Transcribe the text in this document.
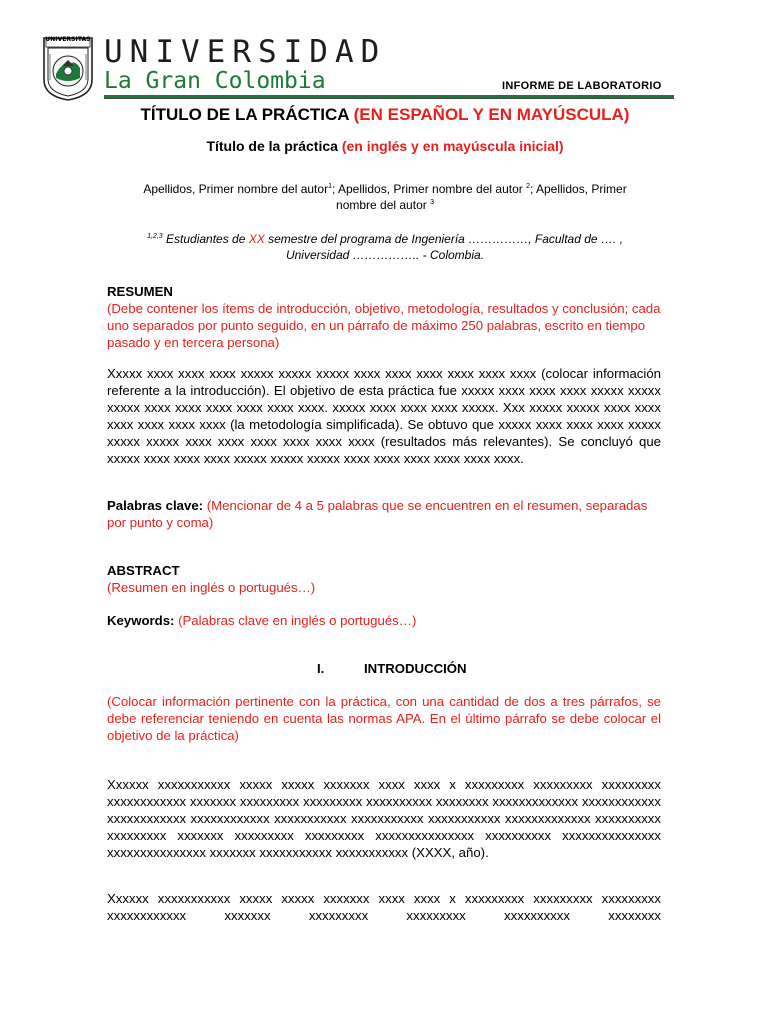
UNIVERSITAS UNIVERSIDAD
La Gran Colombia	INFORME DE LABORATORIO
TÍTULO DE LA PRÁCTICA (EN ESPAÑOL Y EN MAYÚSCULA)
Título de la práctica (en inglés y en mayúscula inicial)
Apellidos, Primer nombre del autor$^1$; Apellidos, Primer nombre del autor $^2$; Apellidos, Primer
nombre del autor $^3$
$^{1,2,3}$ Estudiantes de XX semestre del programa de Ingeniería ……………, Facultad de …. ,
Universidad …………….. - Colombia.
RESUMEN
(Debe contener los ítems de introducción, objetivo, metodología, resultados y conclusión; cada uno separados por punto seguido, en un párrafo de máximo 250 palabras, escrito en tiempo pasado y en tercera persona)
Xxxxx xxxx xxxx xxxx xxxxx xxxxx xxxxx xxxx xxxx xxxx xxxx xxxx xxxx (colocar información referente a la introducción). El objetivo de esta práctica fue xxxxx xxxx xxxx xxxx xxxxx xxxxx xxxxx xxxx xxxx xxxx xxxx xxxx xxxx. xxxxx xxxx xxxx xxxx xxxxx. Xxx xxxxx xxxxx xxxx xxxx xxxx xxxx xxxx xxxx (la metodología simplificada). Se obtuvo que xxxxx xxxx xxxx xxxx xxxxx xxxxx xxxxx xxxx xxxx xxxx xxxx xxxx xxxx (resultados más relevantes). Se concluyó que xxxxx xxxx xxxx xxxx xxxxx xxxxx xxxxx xxxx xxxx xxxx xxxx xxxx xxxx.
Palabras clave: (Mencionar de 4 a 5 palabras que se encuentren en el resumen, separadas por punto y coma)
ABSTRACT
(Resumen en inglés o portugués…)
Keywords: (Palabras clave en inglés o portugués…)
I.	INTRODUCCIÓN
(Colocar información pertinente con la práctica, con una cantidad de dos a tres párrafos, se debe referenciar teniendo en cuenta las normas APA. En el último párrafo se debe colocar el objetivo de la práctica)
Xxxxxx xxxxxxxxxxx xxxxx xxxxx xxxxxxx xxxx xxxx x xxxxxxxxx xxxxxxxxx xxxxxxxxx xxxxxxxxxxxx xxxxxxx xxxxxxxxx xxxxxxxxx xxxxxxxxxx xxxxxxxx xxxxxxxxxxxxx xxxxxxxxxxxx xxxxxxxxxxxx xxxxxxxxxxxx xxxxxxxxxxx xxxxxxxxxxx xxxxxxxxxxx xxxxxxxxxxxxx xxxxxxxxxx xxxxxxxxx xxxxxxx xxxxxxxxx xxxxxxxxx xxxxxxxxxxxxxxx xxxxxxxxxx xxxxxxxxxxxxxxx xxxxxxxxxxxxxxx xxxxxxx xxxxxxxxxxx xxxxxxxxxxx (XXXX, año).
Xxxxxx xxxxxxxxxxx xxxxx xxxxx xxxxxxx xxxx xxxx x xxxxxxxxx xxxxxxxxx xxxxxxxxx xxxxxxxxxxxx xxxxxxx xxxxxxxxx xxxxxxxxx xxxxxxxxxx xxxxxxxx
